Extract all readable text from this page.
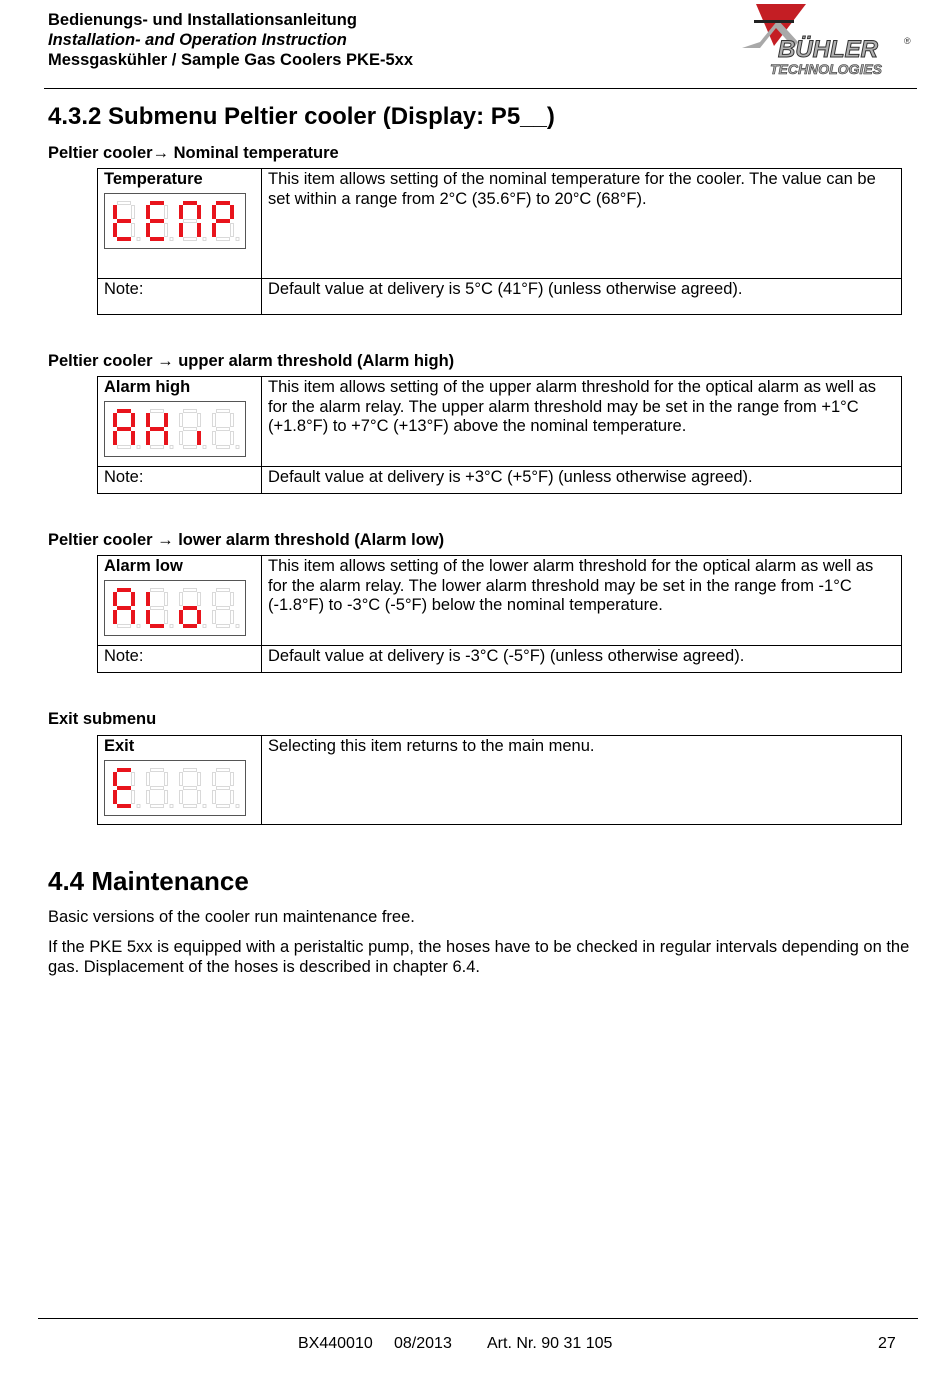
Bedienungs- und Installationsanleitung
Installation- and Operation Instruction
Messgaskühler / Sample Gas Coolers PKE-5xx	BÜHLER	®
TECHNOLOGIES
4.3.2 Submenu Peltier cooler (Display: P5__)
Peltier cooler→ Nominal temperature
Temperature	This item allows setting of the nominal temperature for the cooler. The value can be set within a range from 2°C (35.6°F) to 20°C (68°F).
Note:	Default value at delivery is 5°C (41°F) (unless otherwise agreed).
Peltier cooler → upper alarm threshold (Alarm high)
Alarm high	This item allows setting of the upper alarm threshold for the optical alarm as well as for the alarm relay. The upper alarm threshold may be set in the range from +1°C (+1.8°F) to +7°C (+13°F) above the nominal temperature.
Note:	Default value at delivery is +3°C (+5°F) (unless otherwise agreed).
Peltier cooler → lower alarm threshold (Alarm low)
Alarm low	This item allows setting of the lower alarm threshold for the optical alarm as well as for the alarm relay. The lower alarm threshold may be set in the range from -1°C (-1.8°F) to -3°C (-5°F) below the nominal temperature.
Note:	Default value at delivery is -3°C (-5°F) (unless otherwise agreed).
Exit submenu
Exit	Selecting this item returns to the main menu.
4.4 Maintenance

Basic versions of the cooler run maintenance free.

If the PKE 5xx is equipped with a peristaltic pump, the hoses have to be checked in regular intervals depending on the gas. Displacement of the hoses is described in chapter 6.4.

BX440010 08/2013 Art. Nr. 90 31 105	27
